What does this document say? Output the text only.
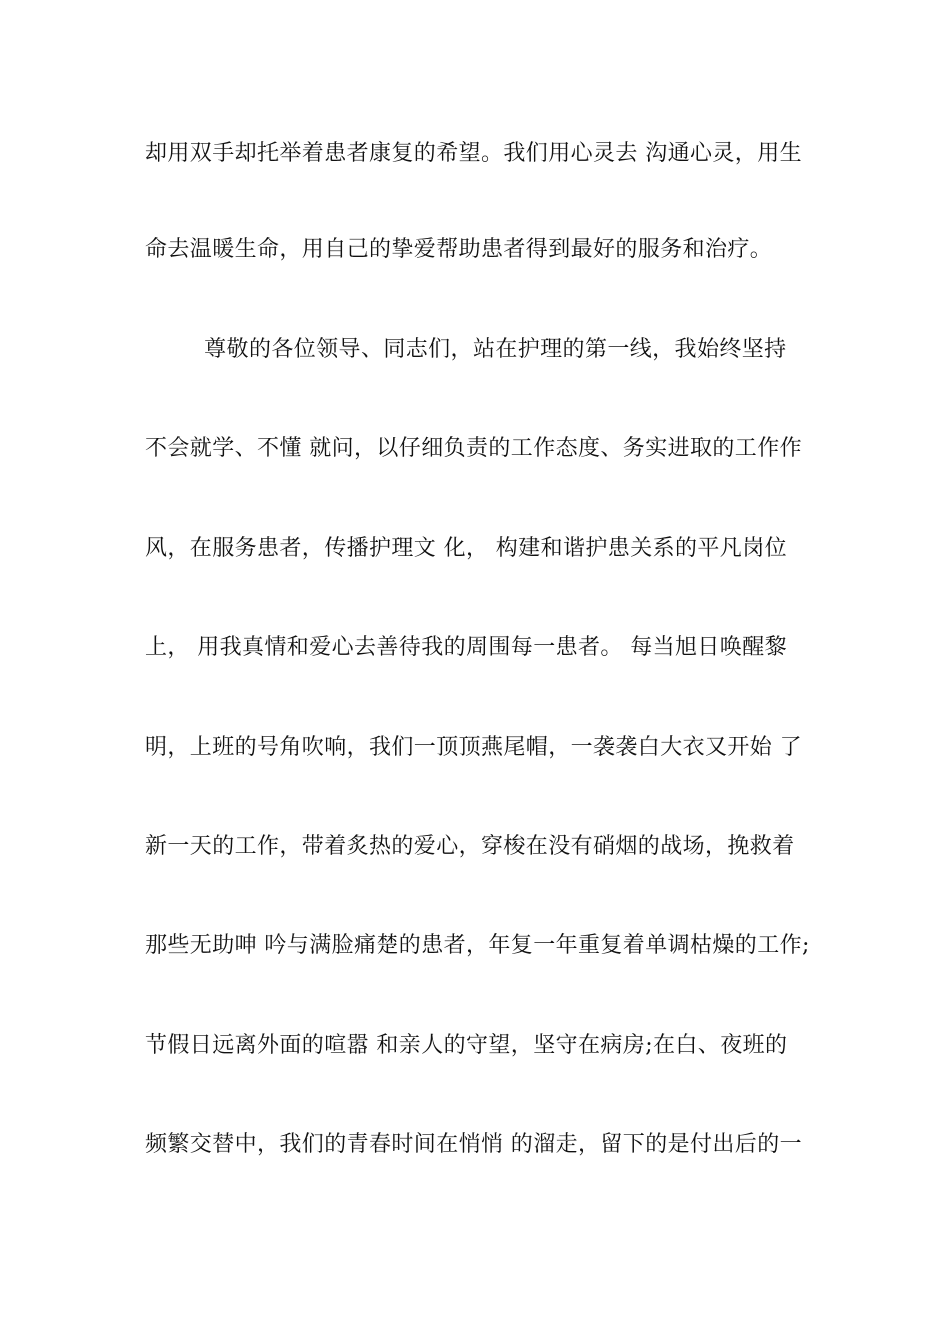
却用双手却托举着患者康复的希望。我们用心灵去 沟通心灵，用生
命去温暖生命，用自己的挚爱帮助患者得到最好的服务和治疗。
尊敬的各位领导、同志们，站在护理的第一线，我始终坚持
不会就学、不懂 就问，以仔细负责的工作态度、务实进取的工作作
风，在服务患者，传播护理文 化， 构建和谐护患关系的平凡岗位
上， 用我真情和爱心去善待我的周围每一患者。 每当旭日唤醒黎
明，上班的号角吹响，我们一顶顶燕尾帽，一袭袭白大衣又开始 了
新一天的工作，带着炙热的爱心，穿梭在没有硝烟的战场，挽救着
那些无助呻 吟与满脸痛楚的患者，年复一年重复着单调枯燥的工作;
节假日远离外面的喧嚣 和亲人的守望，坚守在病房;在白、夜班的
频繁交替中，我们的青春时间在悄悄 的溜走，留下的是付出后的一
